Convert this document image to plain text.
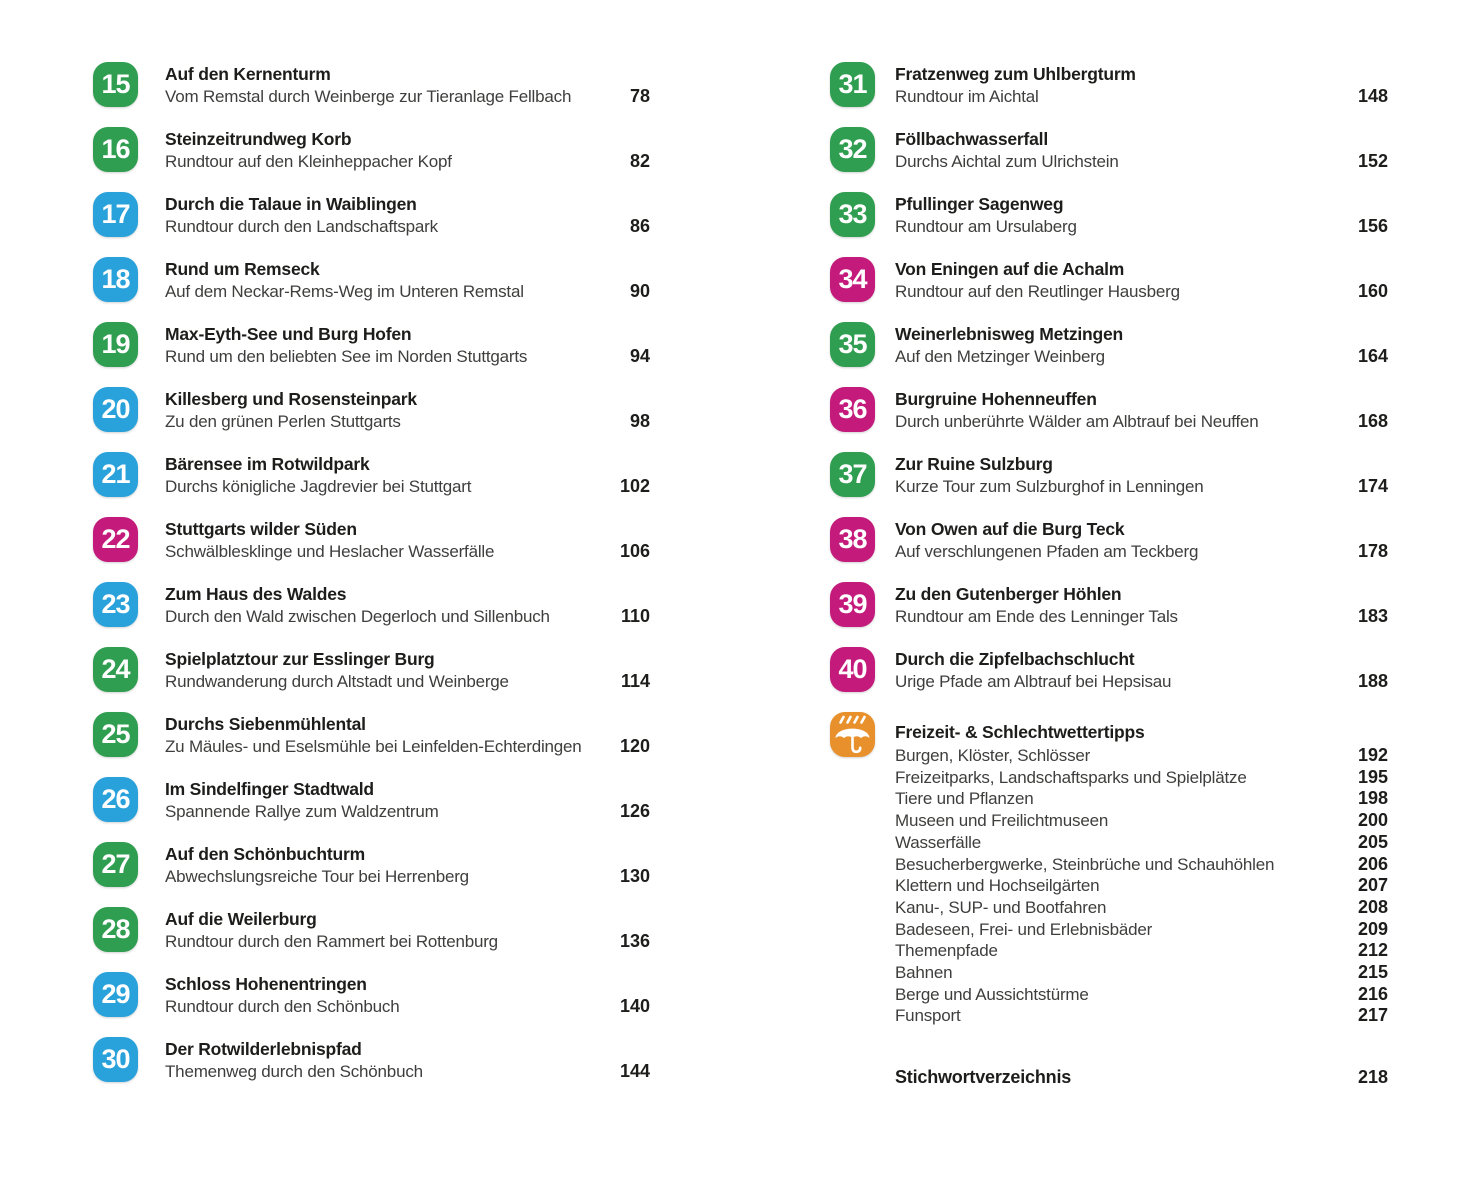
15	Auf den Kernenturm
Vom Remstal durch Weinberge zur Tieranlage Fellbach	78
16	Steinzeitrundweg Korb
Rundtour auf den Kleinheppacher Kopf	82
17	Durch die Talaue in Waiblingen
Rundtour durch den Landschaftspark	86
18	Rund um Remseck
Auf dem Neckar-Rems-Weg im Unteren Remstal	90
19	Max-Eyth-See und Burg Hofen
Rund um den beliebten See im Norden Stuttgarts	94
20	Killesberg und Rosensteinpark
Zu den grünen Perlen Stuttgarts	98
21	Bärensee im Rotwildpark
Durchs königliche Jagdrevier bei Stuttgart	102
22	Stuttgarts wilder Süden
Schwälblesklinge und Heslacher Wasserfälle	106
23	Zum Haus des Waldes
Durch den Wald zwischen Degerloch und Sillenbuch	110
24	Spielplatztour zur Esslinger Burg
Rundwanderung durch Altstadt und Weinberge	114
25	Durchs Siebenmühlental
Zu Mäules- und Eselsmühle bei Leinfelden-Echterdingen 120
26	Im Sindelfinger Stadtwald
Spannende Rallye zum Waldzentrum	126
27	Auf den Schönbuchturm
Abwechslungsreiche Tour bei Herrenberg	130
28	Auf die Weilerburg
Rundtour durch den Rammert bei Rottenburg	136
29	Schloss Hohenentringen
Rundtour durch den Schönbuch	140
30	Der Rotwilderlebnispfad
Themenweg durch den Schönbuch	144
31	Fratzenweg zum Uhlbergturm
Rundtour im Aichtal	148
32	Föllbachwasserfall
Durchs Aichtal zum Ulrichstein	152
33	Pfullinger Sagenweg
Rundtour am Ursulaberg	156
34	Von Eningen auf die Achalm
Rundtour auf den Reutlinger Hausberg	160
35	Weinerlebnisweg Metzingen
Auf den Metzinger Weinberg	164
36	Burgruine Hohenneuffen
Durch unberührte Wälder am Albtrauf bei Neuffen	168
37	Zur Ruine Sulzburg
Kurze Tour zum Sulzburghof in Lenningen	174
38	Von Owen auf die Burg Teck
Auf verschlungenen Pfaden am Teckberg	178
39	Zu den Gutenberger Höhlen
Rundtour am Ende des Lenninger Tals	183
40	Durch die Zipfelbachschlucht
Urige Pfade am Albtrauf bei Hepsisau	188
Freizeit- & Schlechtwettertipps
Burgen, Klöster, Schlösser	192
Freizeitparks, Landschaftsparks und Spielplätze	195
Tiere und Pflanzen	198
Museen und Freilichtmuseen	200
Wasserfälle	205
Besucherbergwerke, Steinbrüche und Schauhöhlen	206
Klettern und Hochseilgärten	207
Kanu-, SUP- und Bootfahren	208
Badeseen, Frei- und Erlebnisbäder	209
Themenpfade	212
Bahnen	215
Berge und Aussichtstürme	216
Funsport	217
Stichwortverzeichnis	218
